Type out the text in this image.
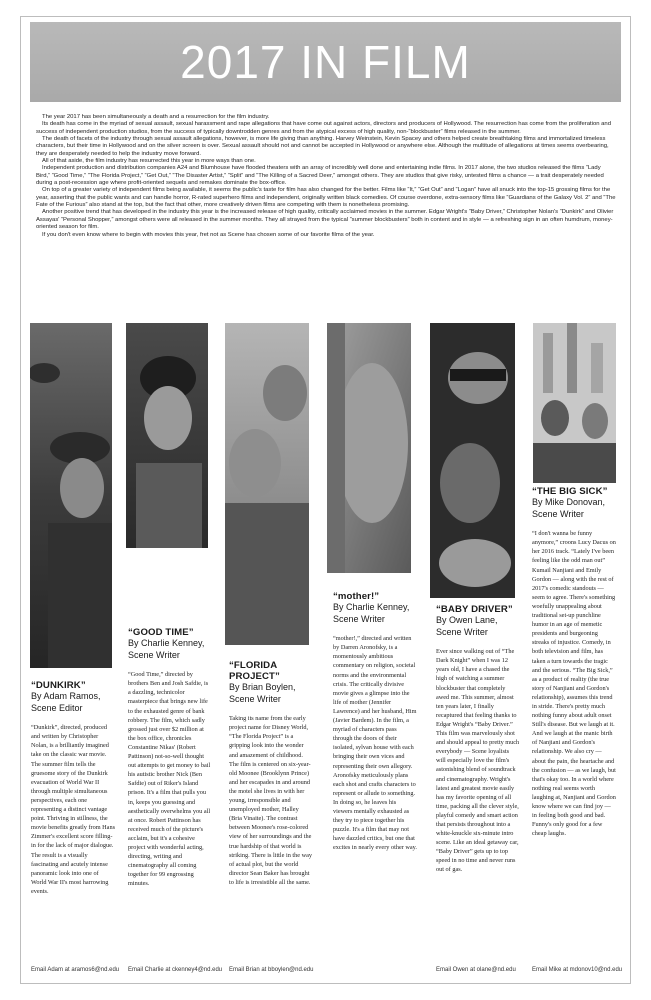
2017 IN FILM

The year 2017 has been simultaneously a death and a resurrection for the film industry.

Its death has come in the myriad of sexual assault, sexual harassment and rape allegations that have come out against actors, directors and producers of Hollywood. The resurrection has come from the proliferation and success of independent production studios, from the success of typically downtrodden genres and from the atypical excess of high quality, non-“blockbuster” films released in the summer.

The death of facets of the industry through sexual assault allegations, however, is more life giving than anything. Harvey Weinstein, Kevin Spacey and others helped create breathtaking films and immortalized timeless characters, but their time in Hollywood and on the silver screen is over. Sexual assault should not and cannot be accepted in Hollywood or anywhere else. Although the multitude of allegations at times seems overbearing, they are desperately needed to help the industry move forward.

All of that aside, the film industry has resurrected this year in more ways than one.

Independent production and distribution companies A24 and Blumhouse have flooded theaters with an array of incredibly well done and entertaining indie films. In 2017 alone, the two studios released the films “Lady Bird,” “Good Time,” “The Florida Project,” “Get Out,” “The Disaster Artist,” “Split” and “The Killing of a Sacred Deer,” amongst others. They are studios that give risky, untested films a chance — a trait desperately needed during a post-recession age where profit-oriented sequels and remakes dominate the box-office.

On top of a greater variety of independent films being available, it seems the public's taste for film has also changed for the better. Films like “It,” “Get Out” and “Logan” have all snuck into the top-15 grossing films for the year, asserting that the public wants and can handle horror, R-rated superhero films and independent, originally written black comedies. Of course overdone, extra-sensory films like “Guardians of the Galaxy Vol. 2” and “The Fate of the Furious” also stand at the top, but the fact that other, more creatively driven films are competing with them is nonetheless promising.

Another positive trend that has developed in the industry this year is the increased release of high quality, critically acclaimed movies in the summer. Edgar Wright's “Baby Driver,” Christopher Nolan's “Dunkirk” and Olivier Assayas' “Personal Shopper,” amongst others were all released in the summer months. They all strayed from the typical “summer blockbusters” both in content and in style — a refreshing sign in an often humdrum, money-oriented season for film.

If you don't even know where to begin with movies this year, fret not as Scene has chosen some of our favorite films of the year.

“DUNKIRK”
By Adam Ramos,
Scene Editor
“Dunkirk”, directed, produced and written by Christopher Nolan, is a brilliantly imagined take on the classic war movie. The summer film tells the gruesome story of the Dunkirk evacuation of World War II through multiple simultaneous perspectives, each one representing a distinct vantage point. Thriving in stillness, the movie benefits greatly from Hans Zimmer's excellent score filling-in for the lack of major dialogue. The result is a visually fascinating and acutely intense panoramic look into one of World War II's most harrowing events.
“GOOD TIME”
By Charlie Kenney,
Scene Writer
“Good Time,” directed by brothers Ben and Josh Safdie, is a dazzling, technicolor masterpiece that brings new life to the exhausted genre of bank robbery. The film, which sadly grossed just over $2 million at the box office, chronicles Constantine Nikas' (Robert Pattinson) not-so-well thought out attempts to get money to bail his autistic brother Nick (Ben Safdie) out of Riker's Island prison. It's a film that pulls you in, keeps you guessing and aesthetically overwhelms you all at once. Robert Pattinson has received much of the picture's acclaim, but it's a cohesive project with wonderful acting, directing, writing and cinematography all coming together for 99 engrossing minutes.
“FLORIDA PROJECT”
By Brian Boylen,
Scene Writer
Taking its name from the early project name for Disney World, “The Florida Project” is a gripping look into the wonder and amazement of childhood. The film is centered on six-year-old Moonee (Brooklynn Prince) and her escapades in and around the motel she lives in with her young, irresponsible and unemployed mother, Halley (Bria Vinaite). The contrast between Moonee's rose-colored view of her surroundings and the true hardship of that world is striking. There is little in the way of actual plot, but the world director Sean Baker has brought to life is irresistible all the same.
“mother!”
By Charlie Kenney,
Scene Writer
“mother!,” directed and written by Darren Aronofsky, is a momentously ambitious commentary on religion, societal norms and the environmental crisis. The critically divisive movie gives a glimpse into the life of mother (Jennifer Lawrence) and her husband, Him (Javier Bardem). In the film, a myriad of characters pass through the doors of their isolated, sylvan house with each bringing their own vices and representing their own allegory. Aronofsky meticulously plans each shot and crafts characters to represent or allude to something. In doing so, he leaves his viewers mentally exhausted as they try to piece together his puzzle. It's a film that may not have dazzled critics, but one that excites in nearly every other way.
“BABY DRIVER”
By Owen Lane,
Scene Writer
Ever since walking out of “The Dark Knight” when I was 12 years old, I have a chased the high of watching a summer blockbuster that completely awed me. This summer, almost ten years later, I finally recaptured that feeling thanks to Edgar Wright's “Baby Driver.” This film was marvelously shot and should appeal to pretty much everybody — Scene loyalists will especially love the film's astonishing blend of soundtrack and cinematography. Wright's latest and greatest movie easily has my favorite opening of all time, packing all the clever style, playful comedy and smart action that persists throughout into a white-knuckle six-minute intro scene. Like an ideal getaway car, “Baby Driver” gets up to top speed in no time and never runs out of gas.
“THE BIG SICK”
By Mike Donovan,
Scene Writer
“I don't wanna be funny anymore,” croons Lucy Dacus on her 2016 track. “Lately I've been feeling like the odd man out” Kumail Nanjiani and Emily Gordon — along with the rest of 2017's comedic standouts — seem to agree. There's something woefully unappealing about traditional set-up punchline humor in an age of memetic presidents and burgeoning streaks of injustice. Comedy, in both television and film, has taken a turn towards the tragic and the serious. “The Big Sick,” as a product of reality (the true story of Nanjiani and Gordon's relationship), assumes this trend in stride. There's pretty much nothing funny about adult onset Still's disease. But we laugh at it. And we laugh at the manic birth of Nanjiani and Gordon's relationship. We also cry — about the pain, the heartache and the confusion — as we laugh, but that's okay too. In a world where nothing real seems worth laughing at, Nanjiani and Gordon know where we can find joy — in feeling both good and bad. Funny's only good for a few cheap laughs.
Email Adam at aramos6@nd.edu Email Charlie at ckenney4@nd.edu Email Brian at bboylen@nd.edu	Email Owen at olane@nd.edu	Email Mike at mdonov10@nd.edu
